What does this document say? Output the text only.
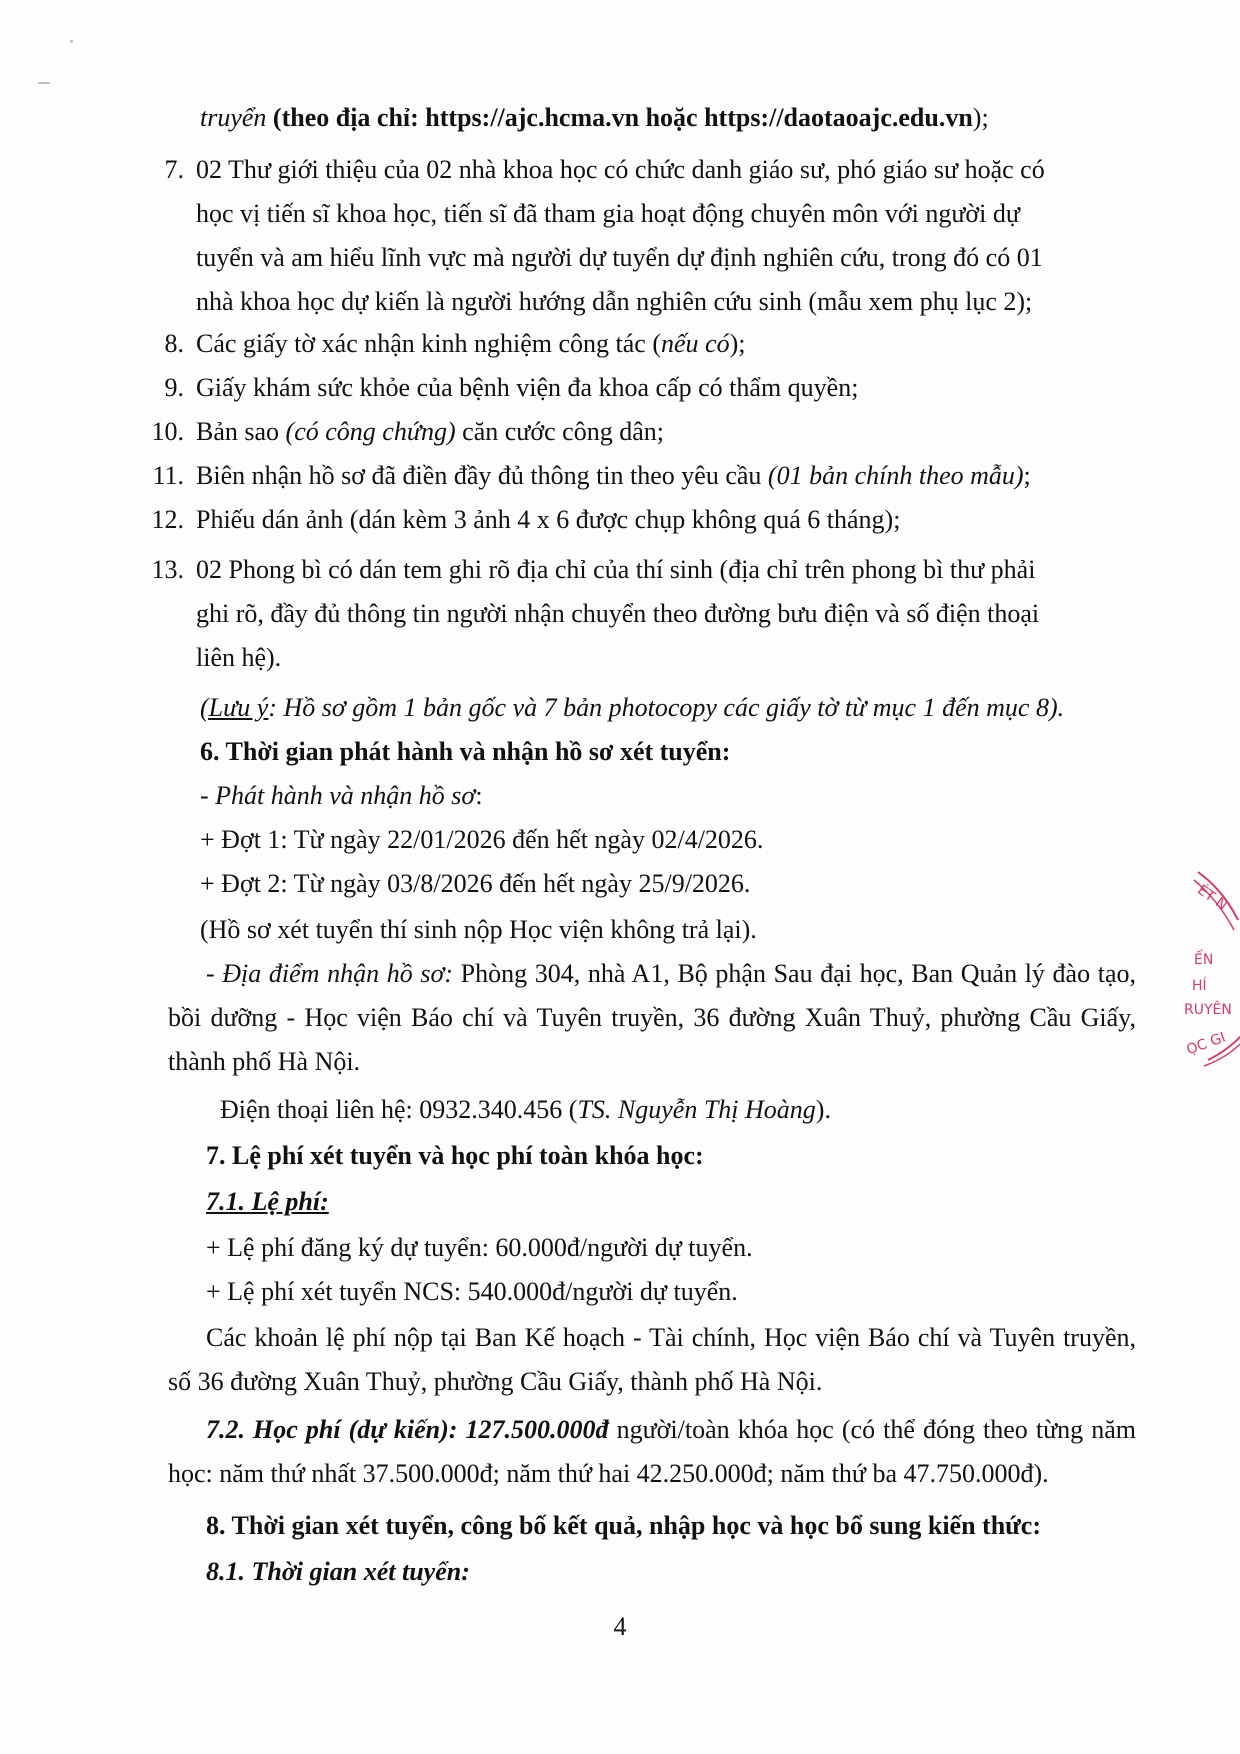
truyển (theo địa chỉ: https://ajc.hcma.vn hoặc https://daotaoajc.edu.vn);

7. 02 Thư giới thiệu của 02 nhà khoa học có chức danh giáo sư, phó giáo sư hoặc có
học vị tiến sĩ khoa học, tiến sĩ đã tham gia hoạt động chuyên môn với người dự
tuyển và am hiểu lĩnh vực mà người dự tuyển dự định nghiên cứu, trong đó có 01
nhà khoa học dự kiến là người hướng dẫn nghiên cứu sinh (mẫu xem phụ lục 2);

8. Các giấy tờ xác nhận kinh nghiệm công tác (nếu có);

9. Giấy khám sức khỏe của bệnh viện đa khoa cấp có thẩm quyền;

10. Bản sao (có công chứng) căn cước công dân;

11. Biên nhận hồ sơ đã điền đầy đủ thông tin theo yêu cầu (01 bản chính theo mẫu);

12. Phiếu dán ảnh (dán kèm 3 ảnh 4 x 6 được chụp không quá 6 tháng);

13. 02 Phong bì có dán tem ghi rõ địa chỉ của thí sinh (địa chỉ trên phong bì thư phải
ghi rõ, đầy đủ thông tin người nhận chuyển theo đường bưu điện và số điện thoại
liên hệ).

(Lưu ý: Hồ sơ gồm 1 bản gốc và 7 bản photocopy các giấy tờ từ mục 1 đến mục 8).

6. Thời gian phát hành và nhận hồ sơ xét tuyển:

- Phát hành và nhận hồ sơ:

+ Đợt 1: Từ ngày 22/01/2026 đến hết ngày 02/4/2026.

+ Đợt 2: Từ ngày 03/8/2026 đến hết ngày 25/9/2026.

(Hồ sơ xét tuyển thí sinh nộp Học viện không trả lại).

- Địa điểm nhận hồ sơ: Phòng 304, nhà A1, Bộ phận Sau đại học, Ban Quản lý đào tạo, bồi dưỡng - Học viện Báo chí và Tuyên truyền, 36 đường Xuân Thuỷ, phường Cầu Giấy, thành phố Hà Nội.

Điện thoại liên hệ: 0932.340.456 (TS. Nguyễn Thị Hoàng).

7. Lệ phí xét tuyển và học phí toàn khóa học:

7.1. Lệ phí:

+ Lệ phí đăng ký dự tuyển: 60.000đ/người dự tuyển.

+ Lệ phí xét tuyển NCS: 540.000đ/người dự tuyển.

Các khoản lệ phí nộp tại Ban Kế hoạch - Tài chính, Học viện Báo chí và Tuyên truyền, số 36 đường Xuân Thuỷ, phường Cầu Giấy, thành phố Hà Nội.

7.2. Học phí (dự kiến): 127.500.000đ người/toàn khóa học (có thể đóng theo từng năm học: năm thứ nhất 37.500.000đ; năm thứ hai 42.250.000đ; năm thứ ba 47.750.000đ).

8. Thời gian xét tuyển, công bố kết quả, nhập học và học bổ sung kiến thức:

8.1. Thời gian xét tuyển:

4
ÉT N
ẾN
HÍ
RUYÊN
ỌC GI
